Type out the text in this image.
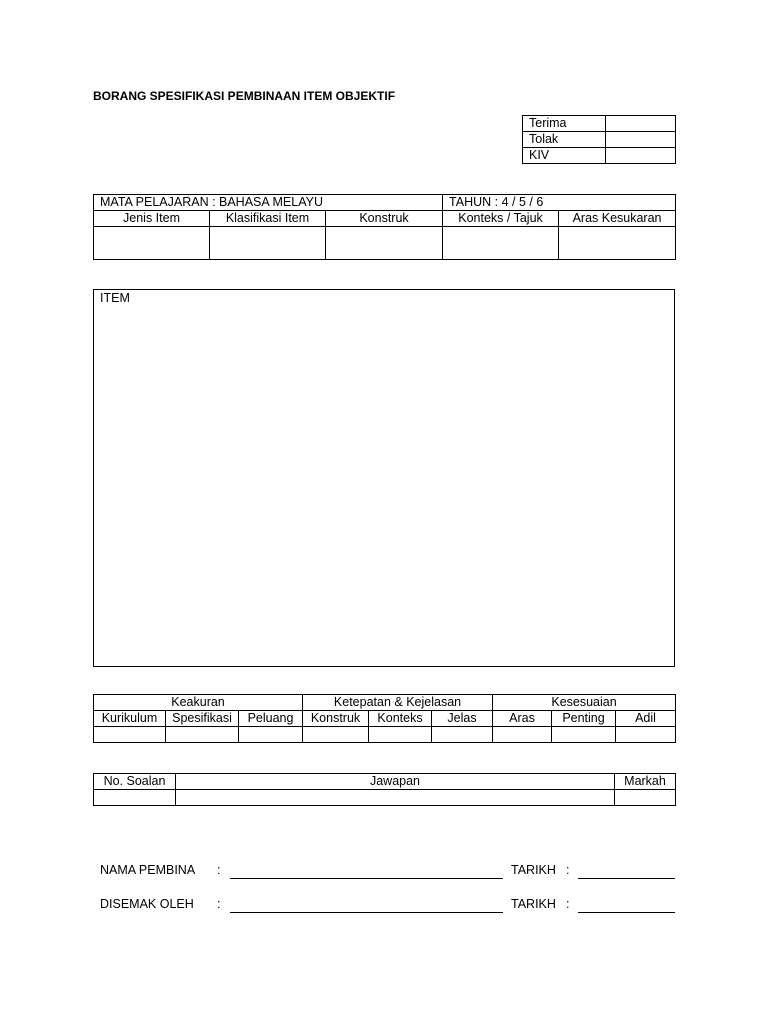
BORANG SPESIFIKASI PEMBINAAN ITEM OBJEKTIF
Terima	
Tolak	
KIV	
MATA PELAJARAN : BAHASA MELAYU			TAHUN : 4 / 5 / 6	
Jenis Item	Klasifikasi Item	Konstruk	Konteks / Tajuk	Aras Kesukaran

ITEM
Keakuran			Ketepatan & Kejelasan			Kesesuaian		
Kurikulum	Spesifikasi	Peluang	Konstruk	Konteks	Jelas	Aras	Penting	Adil

No. Soalan	Jawapan	Markah

NAMA PEMBINA :	TARIKH :
DISEMAK OLEH :	TARIKH :
